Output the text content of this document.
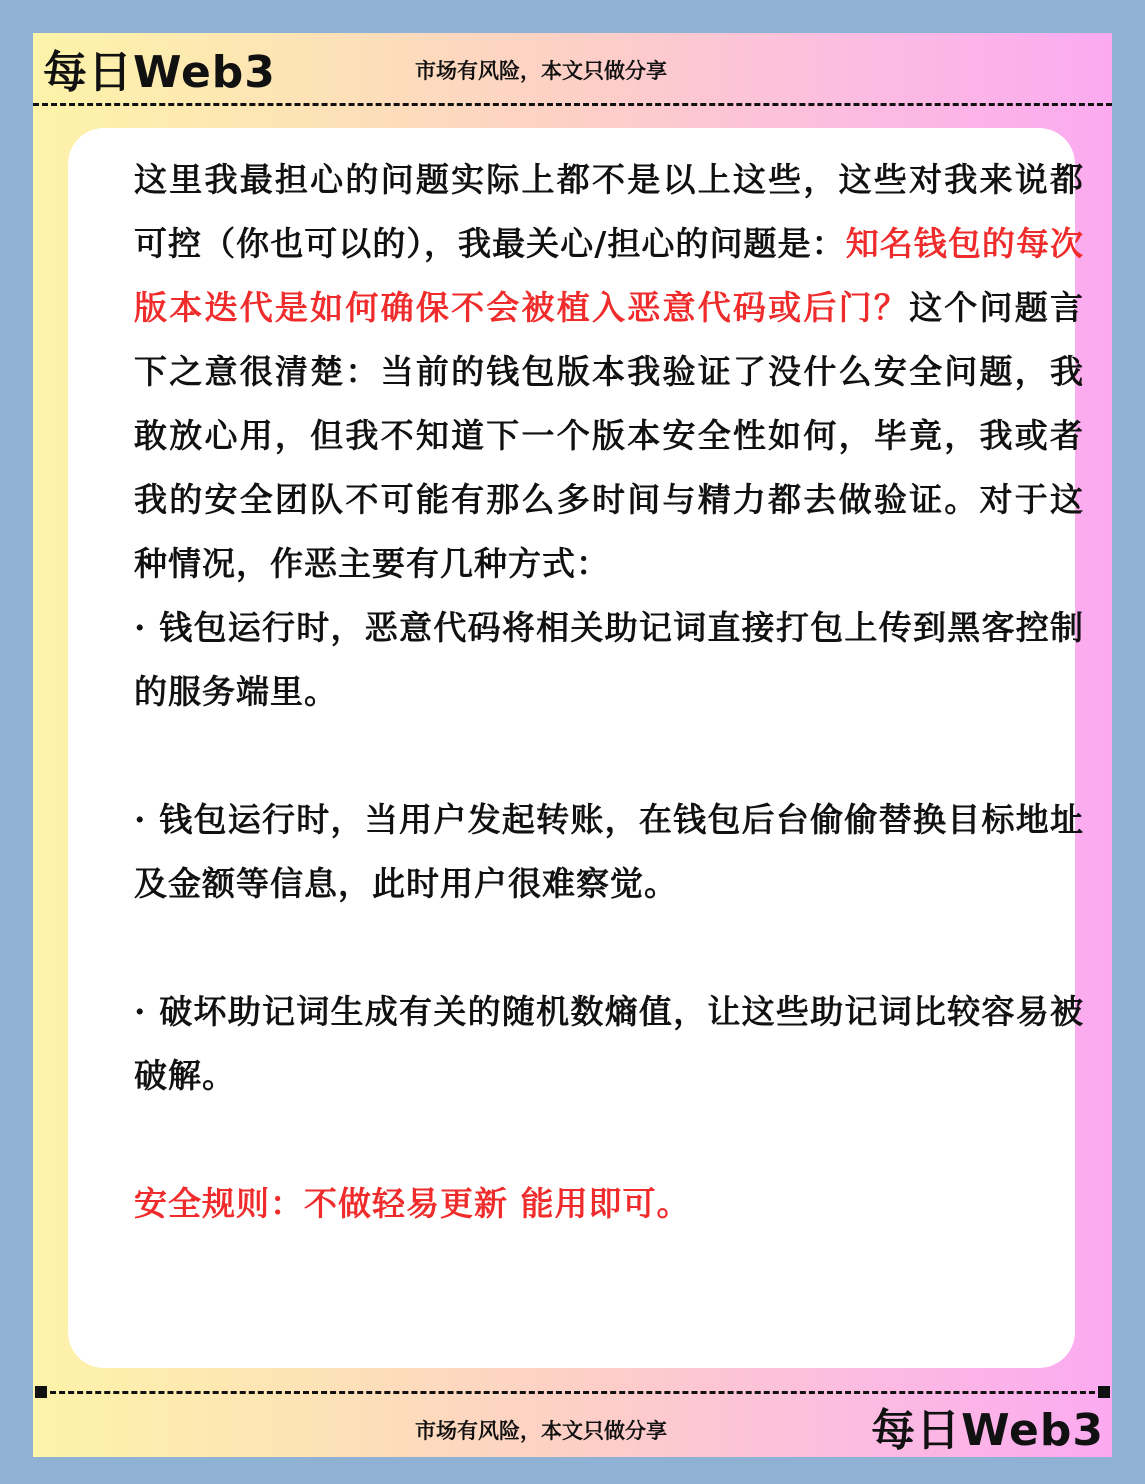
每日Web3	市场有风险，本文只做分享

这里我最担心的问题实际上都不是以上这些，这些对我来说都可控（你也可以的），我最关心/担心的问题是：知名钱包的每次版本迭代是如何确保不会被植入恶意代码或后门？这个问题言下之意很清楚：当前的钱包版本我验证了没什么安全问题，我敢放心用，但我不知道下一个版本安全性如何，毕竟，我或者我的安全团队不可能有那么多时间与精力都去做验证。对于这种情况，作恶主要有几种方式：

· 钱包运行时，恶意代码将相关助记词直接打包上传到黑客控制的服务端里。

· 钱包运行时，当用户发起转账，在钱包后台偷偷替换目标地址及金额等信息，此时用户很难察觉。

· 破坏助记词生成有关的随机数熵值，让这些助记词比较容易被破解。

安全规则：不做轻易更新 能用即可。

市场有风险，本文只做分享	每日Web3
